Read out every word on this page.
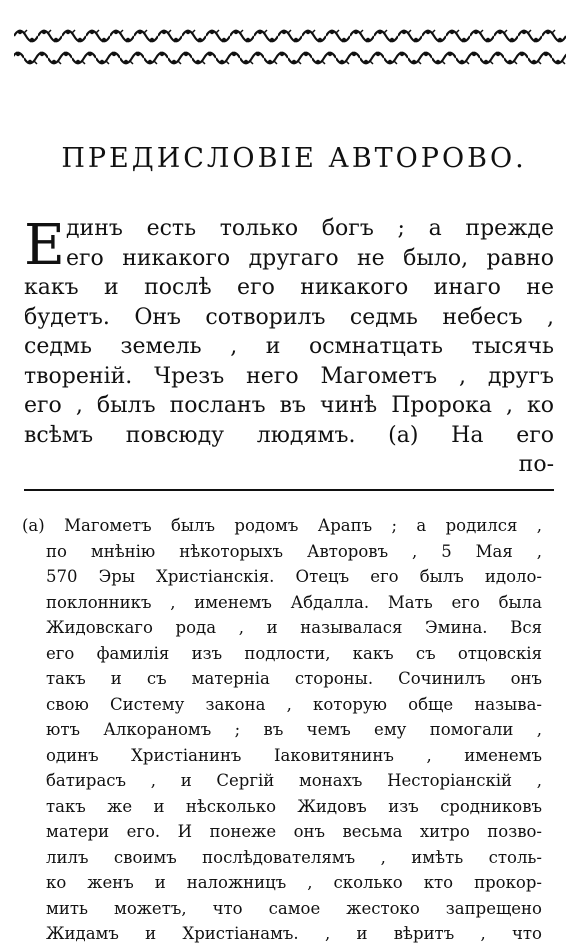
ПРЕДИСЛОВІЕ АВТОРОВО.
Е динъ есть только богъ ; а прежде
его никакого другаго не было, равно
какъ и послѣ его никакого инаго не
будетъ. Онъ сотворилъ седмь небесъ ,
седмь земель , и осмнатцать тысячь
твореній. Чрезъ него Магометъ , другъ
его , былъ посланъ въ чинѣ Пророка , ко
всѣмъ повсюду людямъ. (a) На его
по-
(a) Магометъ былъ родомъ Арапъ ; а родился ,
по мнѣнію нѣкоторыхъ Авторовъ , 5 Мая ,
570 Эры Христіанскія. Отецъ его былъ идоло-
поклонникъ , именемъ Абдалла. Мать его была
Жидовскаго рода , и называлася Эмина. Вся
его фамилія изъ подлости, какъ съ отцовскія
такъ и съ матерніа стороны. Сочинилъ онъ
свою Систему закона , которую обще называ-
ютъ Алкораномъ ; въ чемъ ему помогали ,
одинъ Христіанинъ Іаковитянинъ , именемъ
батирасъ , и Сергій монахъ Несторіанскій ,
такъ же и нѣсколько Жидовъ изъ сродниковъ
матери его. И понеже онъ весьма хитро позво-
лилъ своимъ послѣдователямъ , имѣть столь-
ко женъ и наложницъ , сколько кто прокор-
мить можетъ, что самое жестоко запрещено
Жидамъ и Христіанамъ. , и вѣритъ , что
